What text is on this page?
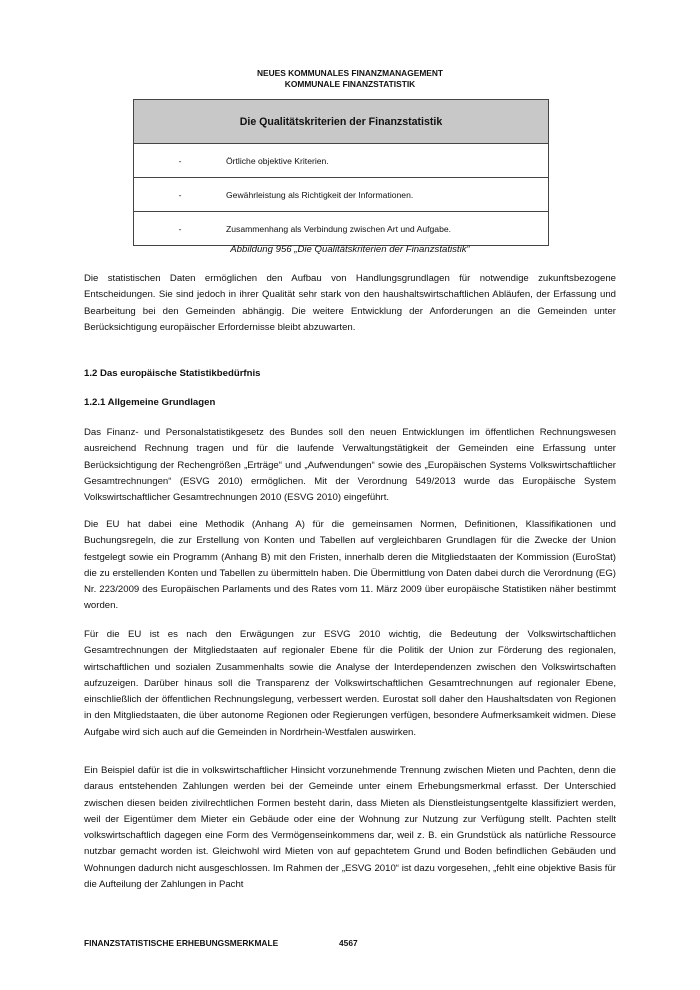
NEUES KOMMUNALES FINANZMANAGEMENT
KOMMUNALE FINANZSTATISTIK
Die Qualitätskriterien der Finanzstatistik
-	Örtliche objektive Kriterien.
-	Gewährleistung als Richtigkeit der Informationen.
-	Zusammenhang als Verbindung zwischen Art und Aufgabe.
Abbildung 956 „Die Qualitätskriterien der Finanzstatistik“
Die statistischen Daten ermöglichen den Aufbau von Handlungsgrundlagen für notwendige zukunftsbezogene Entscheidungen. Sie sind jedoch in ihrer Qualität sehr stark von den haushaltswirtschaftlichen Abläufen, der Erfassung und Bearbeitung bei den Gemeinden abhängig. Die weitere Entwicklung der Anforderungen an die Gemeinden unter Berücksichtigung europäischer Erfordernisse bleibt abzuwarten.
1.2 Das europäische Statistikbedürfnis
1.2.1 Allgemeine Grundlagen
Das Finanz- und Personalstatistikgesetz des Bundes soll den neuen Entwicklungen im öffentlichen Rechnungswesen ausreichend Rechnung tragen und für die laufende Verwaltungstätigkeit der Gemeinden eine Erfassung unter Berücksichtigung der Rechengrößen „Erträge“ und „Aufwendungen“ sowie des „Europäischen Systems Volkswirtschaftlicher Gesamtrechnungen“ (ESVG 2010) ermöglichen. Mit der Verordnung 549/2013 wurde das Europäische System Volkswirtschaftlicher Gesamtrechnungen 2010 (ESVG 2010) eingeführt.
Die EU hat dabei eine Methodik (Anhang A) für die gemeinsamen Normen, Definitionen, Klassifikationen und Buchungsregeln, die zur Erstellung von Konten und Tabellen auf vergleichbaren Grundlagen für die Zwecke der Union festgelegt sowie ein Programm (Anhang B) mit den Fristen, innerhalb deren die Mitgliedstaaten der Kommission (EuroStat) die zu erstellenden Konten und Tabellen zu übermitteln haben. Die Übermittlung von Daten dabei durch die Verordnung (EG) Nr. 223/2009 des Europäischen Parlaments und des Rates vom 11. März 2009 über europäische Statistiken näher bestimmt worden.
Für die EU ist es nach den Erwägungen zur ESVG 2010 wichtig, die Bedeutung der Volkswirtschaftlichen Gesamtrechnungen der Mitgliedstaaten auf regionaler Ebene für die Politik der Union zur Förderung des regionalen, wirtschaftlichen und sozialen Zusammenhalts sowie die Analyse der Interdependenzen zwischen den Volkswirtschaften aufzuzeigen. Darüber hinaus soll die Transparenz der Volkswirtschaftlichen Gesamtrechnungen auf regionaler Ebene, einschließlich der öffentlichen Rechnungslegung, verbessert werden. Eurostat soll daher den Haushaltsdaten von Regionen in den Mitgliedstaaten, die über autonome Regionen oder Regierungen verfügen, besondere Aufmerksamkeit widmen. Diese Aufgabe wird sich auch auf die Gemeinden in Nordrhein-Westfalen auswirken.
Ein Beispiel dafür ist die in volkswirtschaftlicher Hinsicht vorzunehmende Trennung zwischen Mieten und Pachten, denn die daraus entstehenden Zahlungen werden bei der Gemeinde unter einem Erhebungsmerkmal erfasst. Der Unterschied zwischen diesen beiden zivilrechtlichen Formen besteht darin, dass Mieten als Dienstleistungsentgelte klassifiziert werden, weil der Eigentümer dem Mieter ein Gebäude oder eine der Wohnung zur Nutzung zur Verfügung stellt. Pachten stellt volkswirtschaftlich dagegen eine Form des Vermögenseinkommens dar, weil z. B. ein Grundstück als natürliche Ressource nutzbar gemacht worden ist. Gleichwohl wird Mieten von auf gepachtetem Grund und Boden befindlichen Gebäuden und Wohnungen dadurch nicht ausgeschlossen. Im Rahmen der „ESVG 2010“ ist dazu vorgesehen, „fehlt eine objektive Basis für die Aufteilung der Zahlungen in Pacht
FINANZSTATISTISCHE ERHEBUNGSMERKMALE	4567
